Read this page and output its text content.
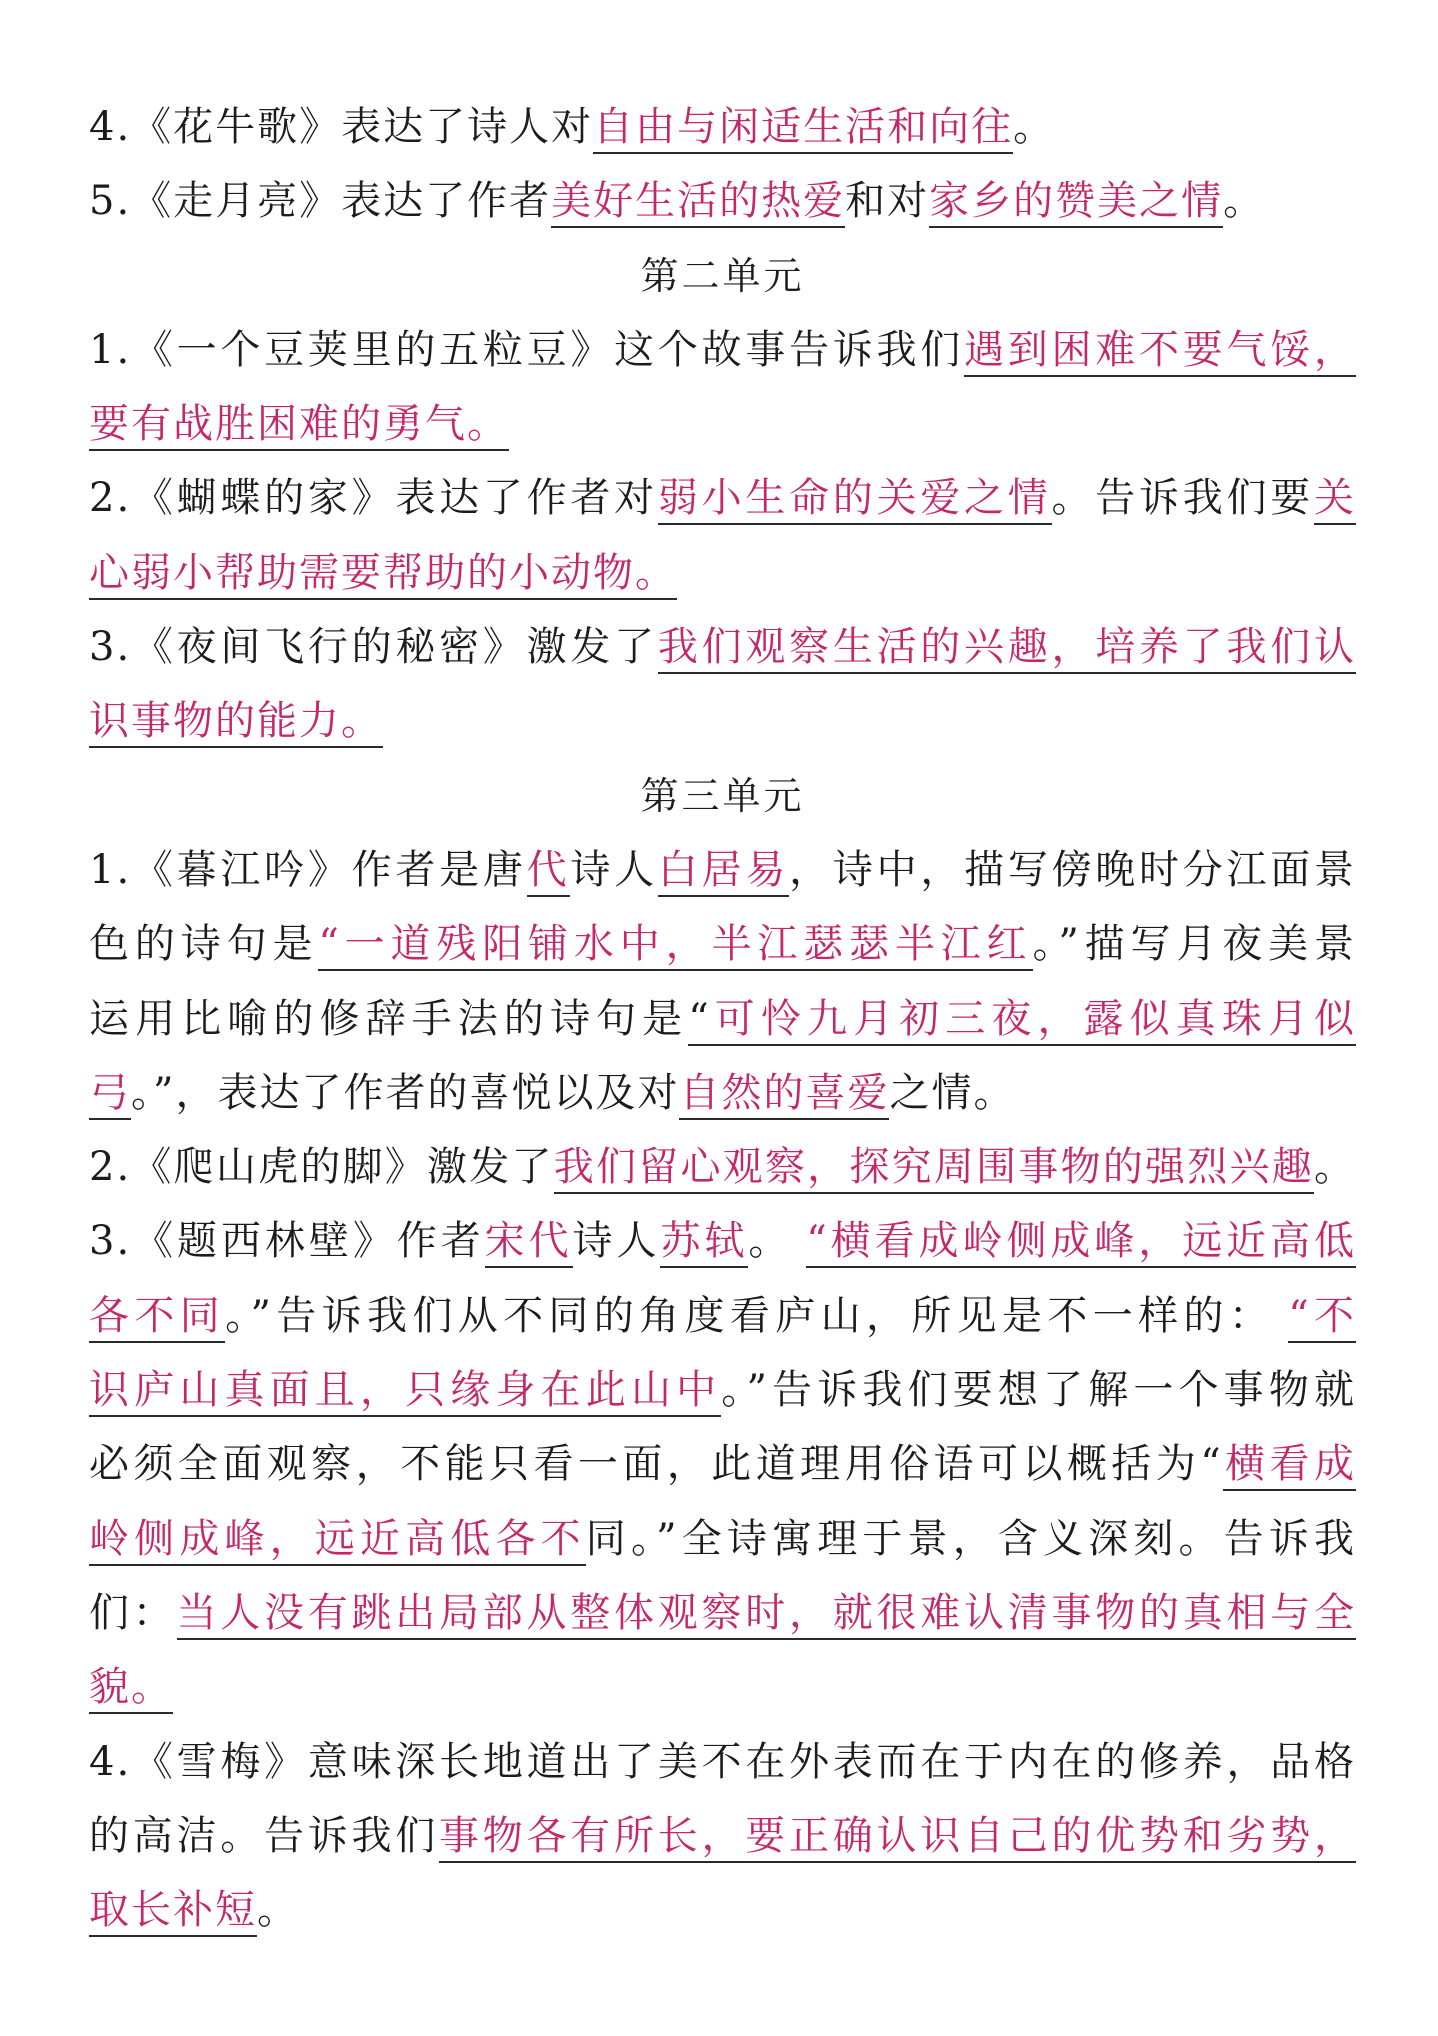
4.《花牛歌》表达了诗人对自由与闲适生活和向往。
5.《走月亮》表达了作者美好生活的热爱和对家乡的赞美之情。
第二单元
1.《一个豆荚里的五粒豆》这个故事告诉我们遇到困难不要气馁，
要有战胜困难的勇气。
2.《蝴蝶的家》表达了作者对弱小生命的关爱之情。告诉我们要关
心弱小帮助需要帮助的小动物。
3.《夜间飞行的秘密》激发了我们观察生活的兴趣，培养了我们认
识事物的能力。
第三单元
1.《暮江吟》作者是唐代诗人白居易，诗中，描写傍晚时分江面景
色的诗句是“一道残阳铺水中，半江瑟瑟半江红。”描写月夜美景
运用比喻的修辞手法的诗句是“可怜九月初三夜，露似真珠月似
弓。”，表达了作者的喜悦以及对自然的喜爱之情。
2.《爬山虎的脚》激发了我们留心观察，探究周围事物的强烈兴趣。
3.《题西林壁》作者宋代诗人苏轼。 “横看成岭侧成峰，远近高低
各不同。”告诉我们从不同的角度看庐山，所见是不一样的： “不
识庐山真面且，只缘身在此山中。”告诉我们要想了解一个事物就
必须全面观察，不能只看一面，此道理用俗语可以概括为“横看成
岭侧成峰，远近高低各不同。”全诗寓理于景，含义深刻。告诉我
们：当人没有跳出局部从整体观察时，就很难认清事物的真相与全
貌。
4.《雪梅》意味深长地道出了美不在外表而在于内在的修养，品格
的高洁。告诉我们事物各有所长，要正确认识自己的优势和劣势，
取长补短。
